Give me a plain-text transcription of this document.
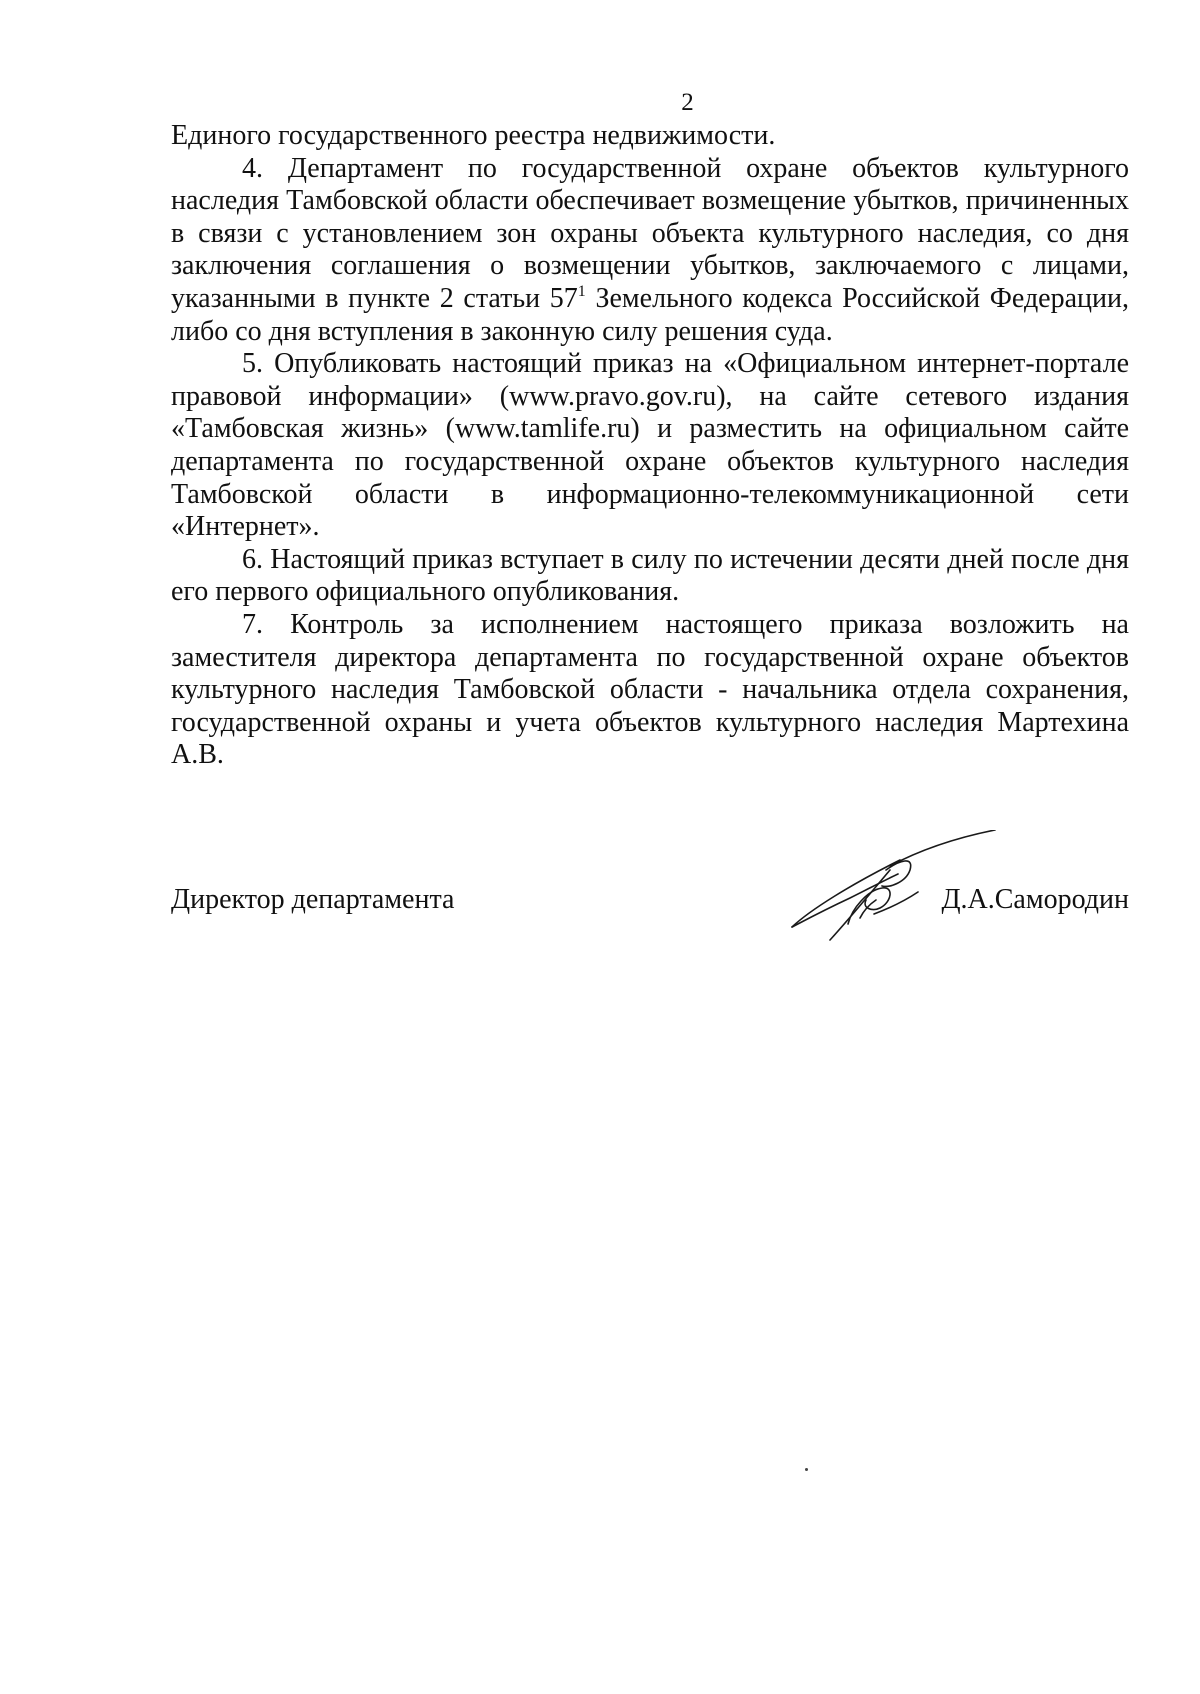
2

Единого государственного реестра недвижимости.

4. Департамент по государственной охране объектов культурного наследия Тамбовской области обеспечивает возмещение убытков, причиненных в связи с установлением зон охраны объекта культурного наследия, со дня заключения соглашения о возмещении убытков, заключаемого с лицами, указанными в пункте 2 статьи $57^1$ Земельного кодекса Российской Федерации, либо со дня вступления в законную силу решения суда.

5. Опубликовать настоящий приказ на «Официальном интернет-портале правовой информации» (www.pravo.gov.ru), на сайте сетевого издания «Тамбовская жизнь» (www.tamlife.ru) и разместить на официальном сайте департамента по государственной охране объектов культурного наследия Тамбовской области в информационно-телекоммуникационной сети «Интернет».

6. Настоящий приказ вступает в силу по истечении десяти дней после дня его первого официального опубликования.

7. Контроль за исполнением настоящего приказа возложить на заместителя директора департамента по государственной охране объектов культурного наследия Тамбовской области - начальника отдела сохранения, государственной охраны и учета объектов культурного наследия Мартехина А.В.

Директор департамента	Д.А.Самородин
